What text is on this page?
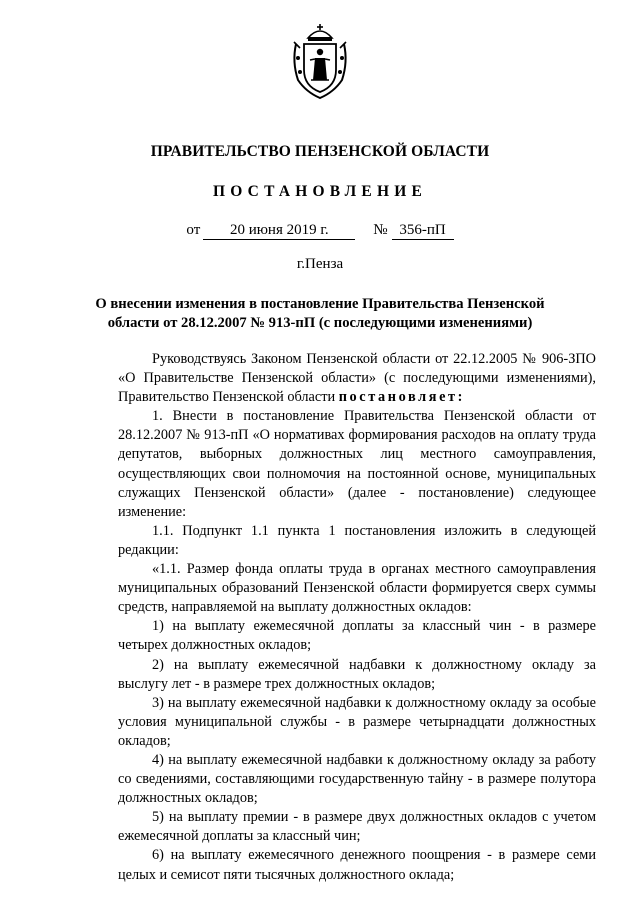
ПРАВИТЕЛЬСТВО ПЕНЗЕНСКОЙ ОБЛАСТИ
ПОСТАНОВЛЕНИЕ
от 20 июня 2019 г.	№ 356-пП
г.Пенза
О внесении изменения в постановление Правительства Пензенской
области от 28.12.2007 № 913-пП (с последующими изменениями)

Руководствуясь Законом Пензенской области от 22.12.2005 № 906-ЗПО «О Правительстве Пензенской области» (с последующими изменениями), Правительство Пензенской области постановляет:

1. Внести в постановление Правительства Пензенской области от 28.12.2007 № 913-пП «О нормативах формирования расходов на оплату труда депутатов, выборных должностных лиц местного самоуправления, осуществляющих свои полномочия на постоянной основе, муниципальных служащих Пензенской области» (далее - постановление) следующее изменение:

1.1. Подпункт 1.1 пункта 1 постановления изложить в следующей редакции:

«1.1. Размер фонда оплаты труда в органах местного самоуправления муниципальных образований Пензенской области формируется сверх суммы средств, направляемой на выплату должностных окладов:

1) на выплату ежемесячной доплаты за классный чин - в размере четырех должностных окладов;

2) на выплату ежемесячной надбавки к должностному окладу за выслугу лет - в размере трех должностных окладов;

3) на выплату ежемесячной надбавки к должностному окладу за особые условия муниципальной службы - в размере четырнадцати должностных окладов;

4) на выплату ежемесячной надбавки к должностному окладу за работу со сведениями, составляющими государственную тайну - в размере полутора должностных окладов;

5) на выплату премии - в размере двух должностных окладов с учетом ежемесячной доплаты за классный чин;

6) на выплату ежемесячного денежного поощрения - в размере семи целых и семисот пяти тысячных должностного оклада;
